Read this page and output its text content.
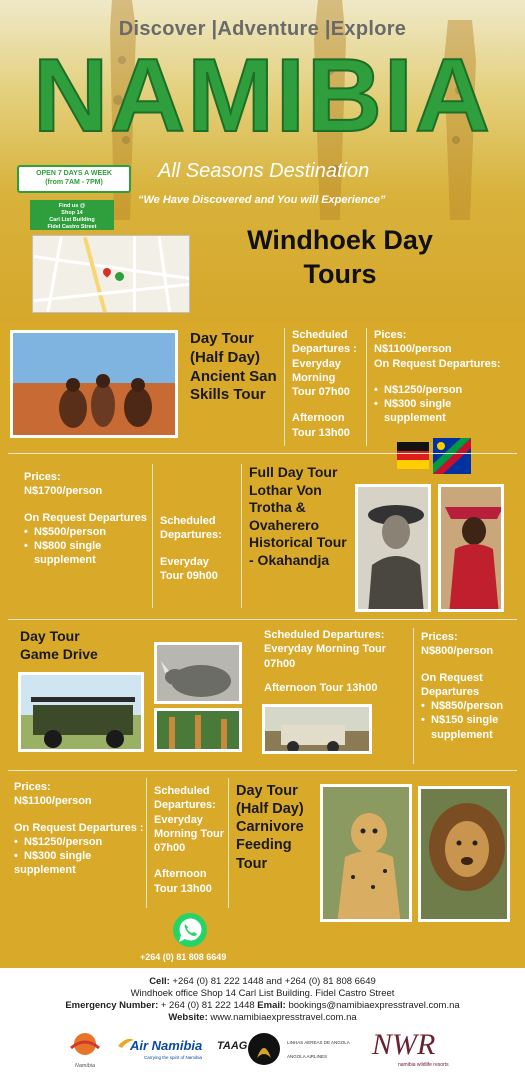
Discover |Adventure |Explore
NAMIBIA
OPEN 7 DAYS A WEEK
(from 7AM - 7PM)
Find us @
Shop 14
Carl List Building
Fidel Castro Street
All Seasons Destination
“We Have Discovered and You will Experience”
Windhoek Day
Tours
Day Tour
(Half Day)
Ancient San
Skills Tour
Scheduled
Departures :
Everyday
Morning
Tour 07h00
Afternoon
Tour 13h00
Pices:
N$1100/person
On Request Departures:
• N$1250/person
• N$300 single supplement
Prices:
N$1700/person
On Request Departures
• N$500/person
• N$800 single supplement
Scheduled
Departures:
Everyday
Tour 09h00
Full Day Tour
Lothar Von
Trotha &
Ovaherero
Historical Tour
- Okahandja
Day Tour
Game Drive
Scheduled Departures:
Everyday Morning Tour
07h00
Afternoon Tour 13h00
Prices:
N$800/person
On Request
Departures
• N$850/person
• N$150 single supplement
Prices:
N$1100/person
On Request Departures :
• N$1250/person
• N$300 single
supplement
Scheduled
Departures:
Everyday
Morning Tour
07h00
Afternoon
Tour 13h00
Day Tour
(Half Day)
Carnivore
Feeding
Tour
+264 (0) 81 808 6649
Cell: +264 (0) 81 222 1448 and +264 (0) 81 808 6649
Windhoek office Shop 14 Carl List Building. Fidel Castro Street
Emergency Number: + 264 (0) 81 222 1448 Email: bookings@namibiaexpresstravel.com.na
Website: www.namibiaexpresstravel.com.na
Namibia
Air Namibia
Carrying the spirit of Namibia
TAAG	LINHAS AEREAS DE ANGOLA
ANGOLA AIRLINES NWR
namibia wildlife resorts
